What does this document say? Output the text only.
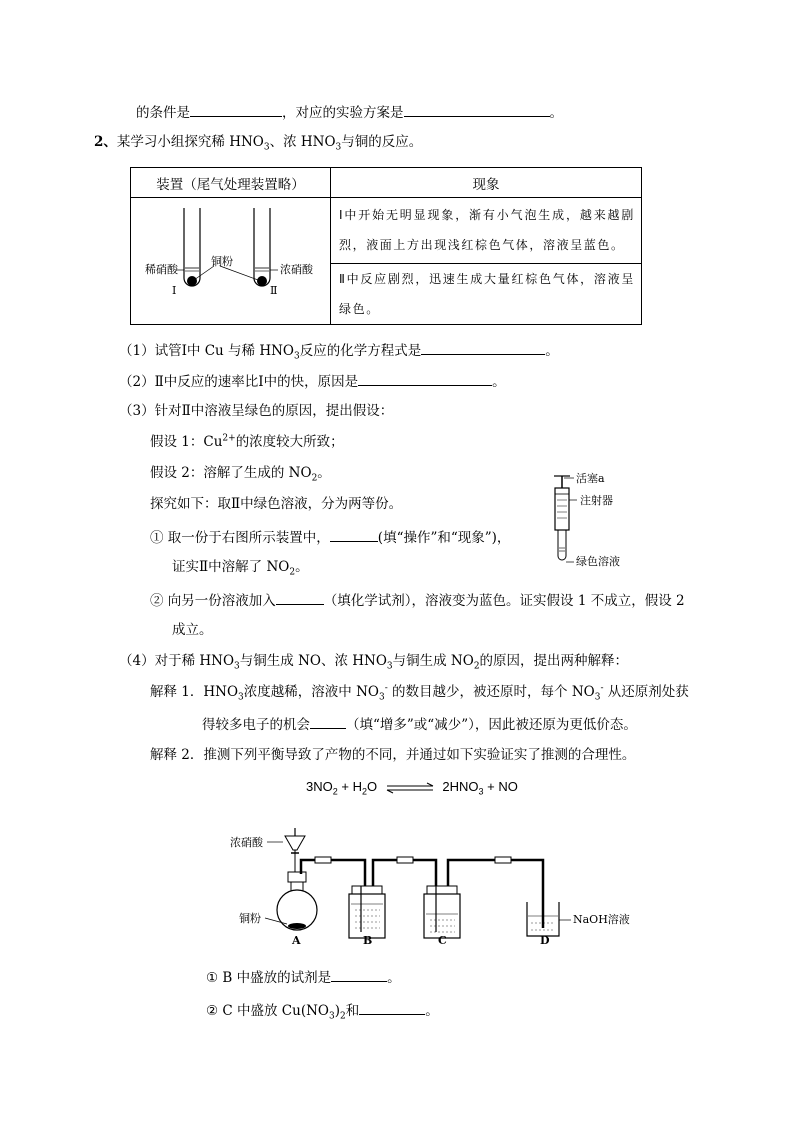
的条件是	，对应的实验方案是	。
2、某学习小组探究稀 $HNO_3$、浓 $HNO_3$与铜的反应。
装置（尾气处理装置略）	现象

稀硝酸
铜粉
浓硝酸
Ⅰ Ⅱ	Ⅰ中开始无明显现象，渐有小气泡生成，越来越剧烈，液面上方出现浅红棕色气体，溶液呈蓝色。
	Ⅱ中反应剧烈，迅速生成大量红棕色气体，溶液呈绿色。
（1）试管Ⅰ中 Cu 与稀 $HNO_3$反应的化学方程式是	。
（2）Ⅱ中反应的速率比Ⅰ中的快，原因是	。
（3）针对Ⅱ中溶液呈绿色的原因，提出假设：
假设 1：$Cu^{2+}$的浓度较大所致；
假设 2：溶解了生成的 $NO_2$。
探究如下：取Ⅱ中绿色溶液，分为两等份。
① 取一份于右图所示装置中，	(填“操作”和“现象”)，
证实Ⅱ中溶解了 $NO_2$。
② 向另一份溶液加入	（填化学试剂），溶液变为蓝色。证实假设 1 不成立，假设 2
成立。
活塞a
注射器
绿色溶液
（4）对于稀 $HNO_3$与铜生成 NO、浓 $HNO_3$与铜生成 $NO_2$的原因，提出两种解释：
解释 1．$HNO_3$浓度越稀，溶液中 $NO_3^-$ 的数目越少，被还原时，每个 $NO_3^-$ 从还原剂处获
得较多电子的机会	（填“增多”或“减少”），因此被还原为更低价态。
解释 2．推测下列平衡导致了产物的不同，并通过如下实验证实了推测的合理性。
$3NO_2 + H_2O$ ⇌ $2HNO_3$ + NO
浓硝酸
铜粉	NaOH溶液
A	B	C	D
① B 中盛放的试剂是	。
② C 中盛放 $Cu(NO_3)_2$和	。
